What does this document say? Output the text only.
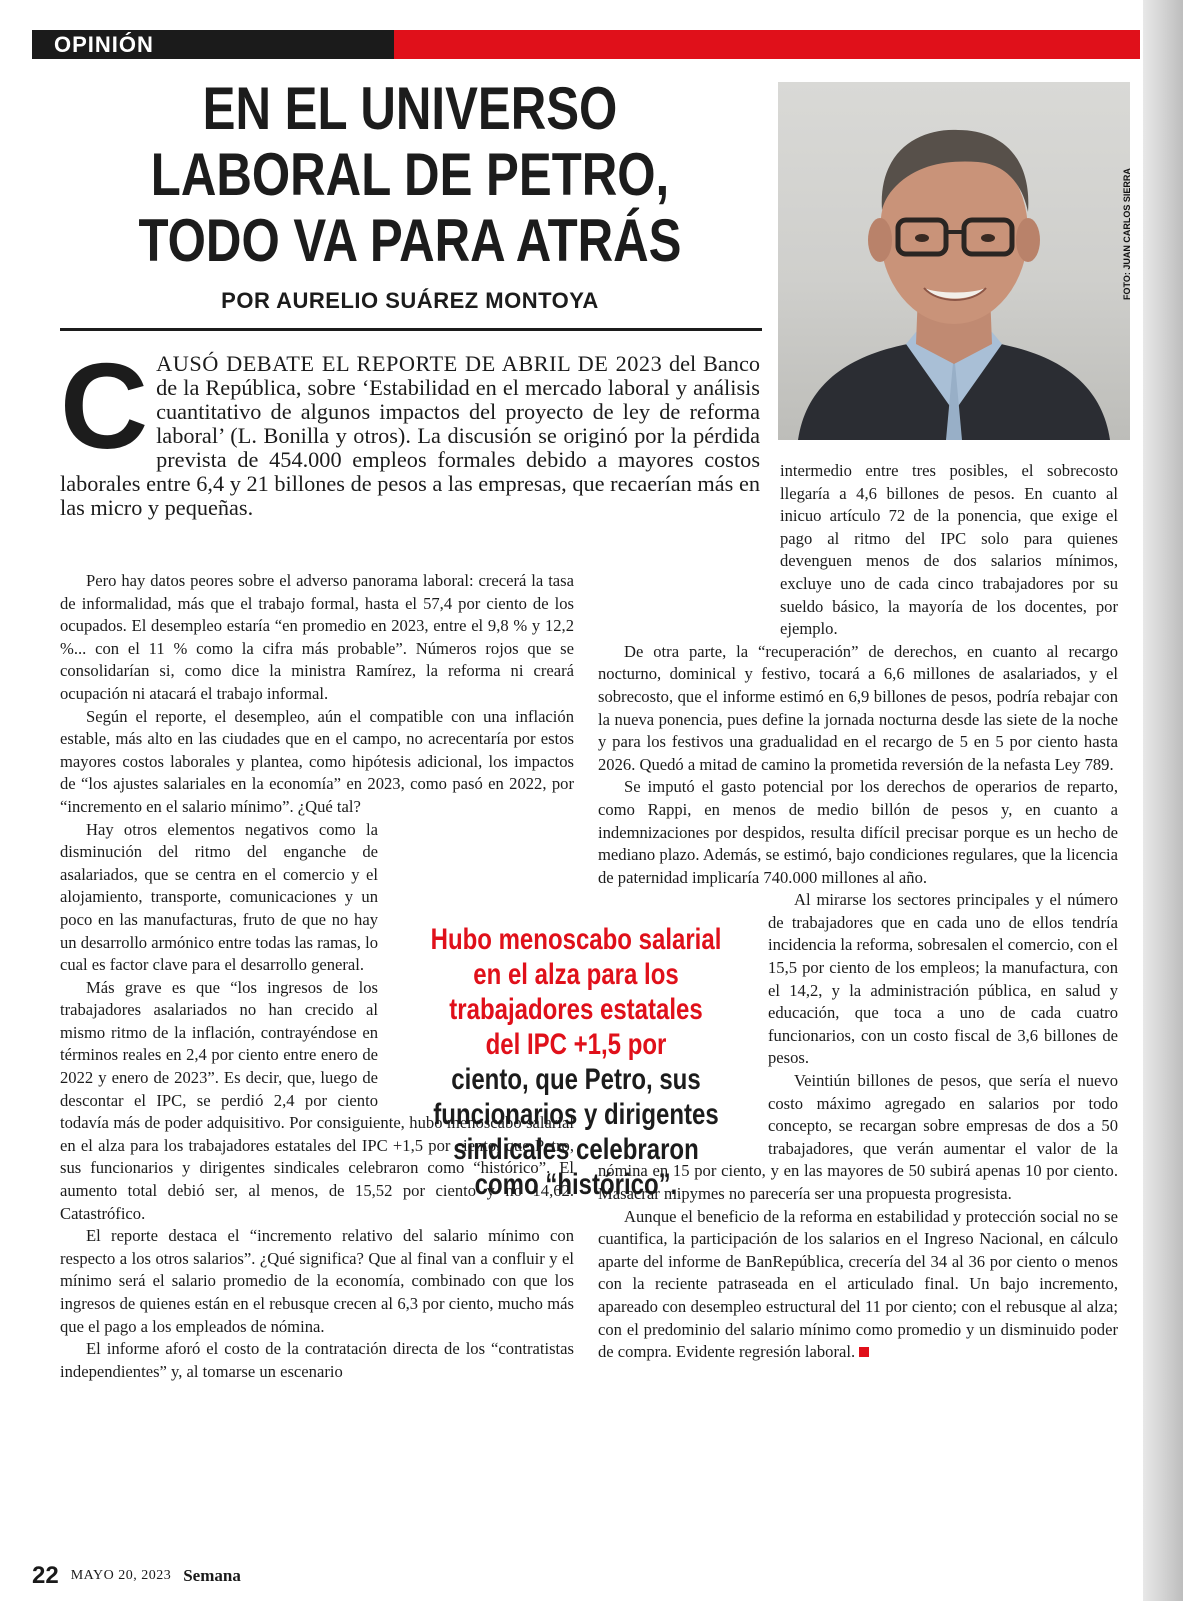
OPINIÓN
EN EL UNIVERSO
LABORAL DE PETRO,
TODO VA PARA ATRÁS
POR AURELIO SUÁREZ MONTOYA
FOTO: JUAN CARLOS SIERRA
C AUSÓ DEBATE EL REPORTE DE ABRIL DE 2023 del Banco de la República, sobre ‘Estabilidad en el mercado laboral y análisis cuantitativo de algunos impactos del proyecto de ley de reforma laboral’ (L. Bonilla y otros). La discusión se originó por la pérdida prevista de 454.000 empleos formales debido a mayores costos laborales entre 6,4 y 21 billones de pesos a las empresas, que recaerían más en las micro y pequeñas.

Pero hay datos peores sobre el adverso panorama laboral: crecerá la tasa de informalidad, más que el trabajo formal, hasta el 57,4 por ciento de los ocupados. El desempleo estaría “en promedio en 2023, entre el 9,8 % y 12,2 %... con el 11 % como la cifra más probable”. Números rojos que se consolidarían si, como dice la ministra Ramírez, la reforma ni creará ocupación ni atacará el trabajo informal.

Según el reporte, el desempleo, aún el compatible con una inflación estable, más alto en las ciudades que en el campo, no acrecentaría por estos mayores costos laborales y plantea, como hipótesis adicional, los impactos de “los ajustes salariales en la economía” en 2023, como pasó en 2022, por “incremento en el salario mínimo”. ¿Qué tal?

Hay otros elementos negativos como la disminución del ritmo del enganche de asalariados, que se centra en el comercio y el alojamiento, transporte, comunicaciones y un poco en las manufacturas, fruto de que no hay un desarrollo armónico entre todas las ramas, lo cual es factor clave para el desarrollo general.

Más grave es que “los ingresos de los trabajadores asalariados no han crecido al mismo ritmo de la inflación, contrayéndose en términos reales en 2,4 por ciento entre enero de 2022 y enero de 2023”. Es decir, que, luego de descontar el IPC, se perdió 2,4 por ciento todavía más de poder adquisitivo. Por consiguiente, hubo menoscabo salarial en el alza para los trabajadores estatales del IPC +1,5 por ciento, que Petro, sus funcionarios y dirigentes sindicales celebraron como “histórico”. El aumento total debió ser, al menos, de 15,52 por ciento y no 14,62. Catastrófico.

El reporte destaca el “incremento relativo del salario mínimo con respecto a los otros salarios”. ¿Qué significa? Que al final van a confluir y el mínimo será el salario promedio de la economía, combinado con que los ingresos de quienes están en el rebusque crecen al 6,3 por ciento, mucho más que el pago a los empleados de nómina.

El informe aforó el costo de la contratación directa de los “contratistas independientes” y, al tomarse un escenario

intermedio entre tres posibles, el sobrecosto llegaría a 4,6 billones de pesos. En cuanto al inicuo artículo 72 de la ponencia, que exige el pago al ritmo del IPC solo para quienes devenguen menos de dos salarios mínimos, excluye uno de cada cinco trabajadores por su sueldo básico, la mayoría de los docentes, por ejemplo.

De otra parte, la “recuperación” de derechos, en cuanto al recargo nocturno, dominical y festivo, tocará a 6,6 millones de asalariados, y el sobrecosto, que el informe estimó en 6,9 billones de pesos, podría rebajar con la nueva ponencia, pues define la jornada nocturna desde las siete de la noche y para los festivos una gradualidad en el recargo de 5 en 5 por ciento hasta 2026. Quedó a mitad de camino la prometida reversión de la nefasta Ley 789.

Se imputó el gasto potencial por los derechos de operarios de reparto, como Rappi, en menos de medio billón de pesos y, en cuanto a indemnizaciones por despidos, resulta difícil precisar porque es un hecho de mediano plazo. Además, se estimó, bajo condiciones regulares, que la licencia de paternidad implicaría 740.000 millones al año.

Al mirarse los sectores principales y el número de trabajadores que en cada uno de ellos tendría incidencia la reforma, sobresalen el comercio, con el 15,5 por ciento de los empleos; la manufactura, con el 14,2, y la administración pública, en salud y educación, que toca a uno de cada cuatro funcionarios, con un costo fiscal de 3,6 billones de pesos.

Veintiún billones de pesos, que sería el nuevo costo máximo agregado en salarios por todo concepto, se recargan sobre empresas de dos a 50 trabajadores, que verán aumentar el valor de la nómina en 15 por ciento, y en las mayores de 50 subirá apenas 10 por ciento. Masacrar mipymes no parecería ser una propuesta progresista.

Aunque el beneficio de la reforma en estabilidad y protección social no se cuantifica, la participación de los salarios en el Ingreso Nacional, en cálculo aparte del informe de BanRepública, crecería del 34 al 36 por ciento o menos con la reciente patraseada en el articulado final. Un bajo incremento, apareado con desempleo estructural del 11 por ciento; con el rebusque al alza; con el predominio del salario mínimo como promedio y un disminuido poder de compra. Evidente regresión laboral.

Hubo menoscabo salarial en el alza para los trabajadores estatales del IPC +1,5 por
ciento, que Petro, sus funcionarios y dirigentes sindicales celebraron como “histórico”.
22 MAYO 20, 2023 Semana
